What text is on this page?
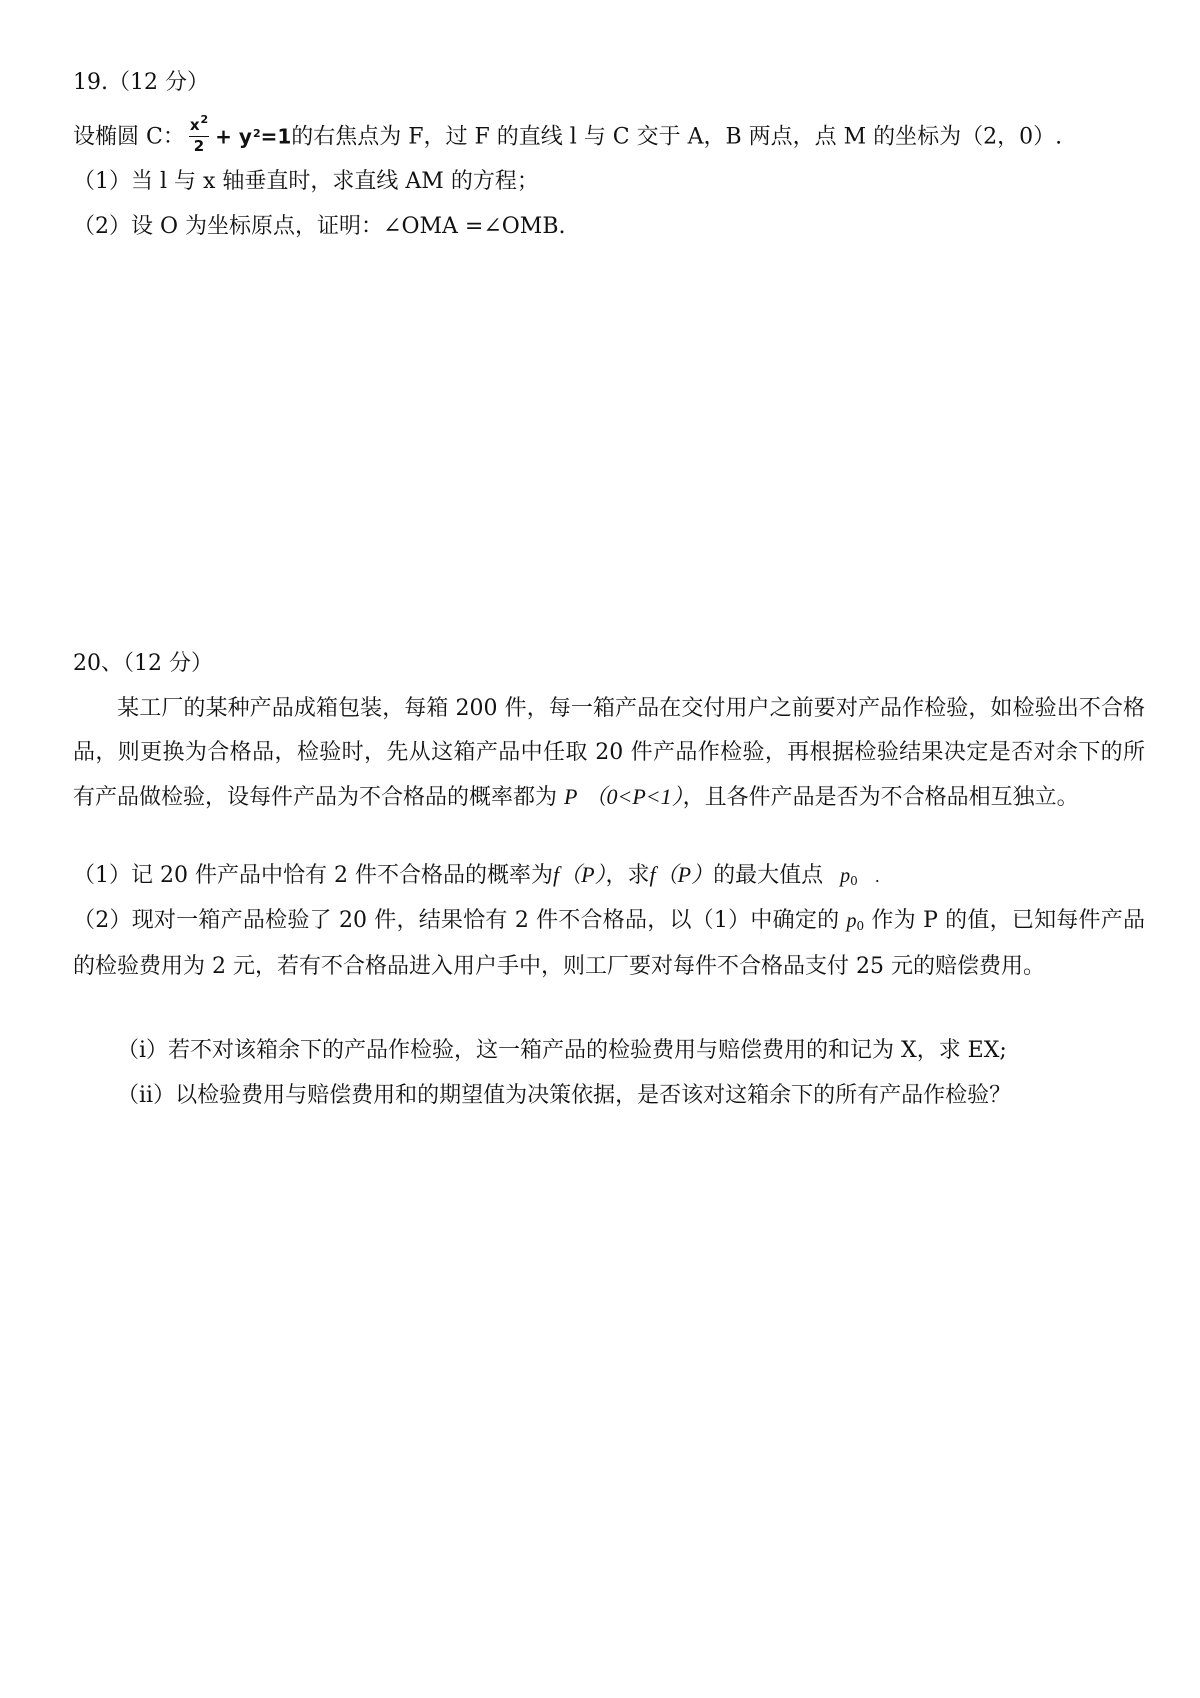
19.（12 分）
设椭圆 C： $\frac{x^2}{2} + y^2=1$的右焦点为 F，过 F 的直线 l 与 C 交于 A，B 两点，点 M 的坐标为（2，0）.
（1）当 l 与 x 轴垂直时，求直线 AM 的方程；
（2）设 O 为坐标原点，证明：∠OMA =∠OMB.
20、（12 分）
　　某工厂的某种产品成箱包装，每箱 200 件，每一箱产品在交付用户之前要对产品作检验，如检验出不合格品，则更换为合格品，检验时，先从这箱产品中任取 20 件产品作检验，再根据检验结果决定是否对余下的所有产品做检验，设每件产品为不合格品的概率都为 P （0<P<1），且各件产品是否为不合格品相互独立。
（1）记 20 件产品中恰有 2 件不合格品的概率为f（P），求f（P）的最大值点 $p_0$ .
（2）现对一箱产品检验了 20 件，结果恰有 2 件不合格品，以（1）中确定的 $p_0$ 作为 P 的值，已知每件产品的检验费用为 2 元，若有不合格品进入用户手中，则工厂要对每件不合格品支付 25 元的赔偿费用。
（i）若不对该箱余下的产品作检验，这一箱产品的检验费用与赔偿费用的和记为 X，求 EX;
（ii）以检验费用与赔偿费用和的期望值为决策依据，是否该对这箱余下的所有产品作检验？
